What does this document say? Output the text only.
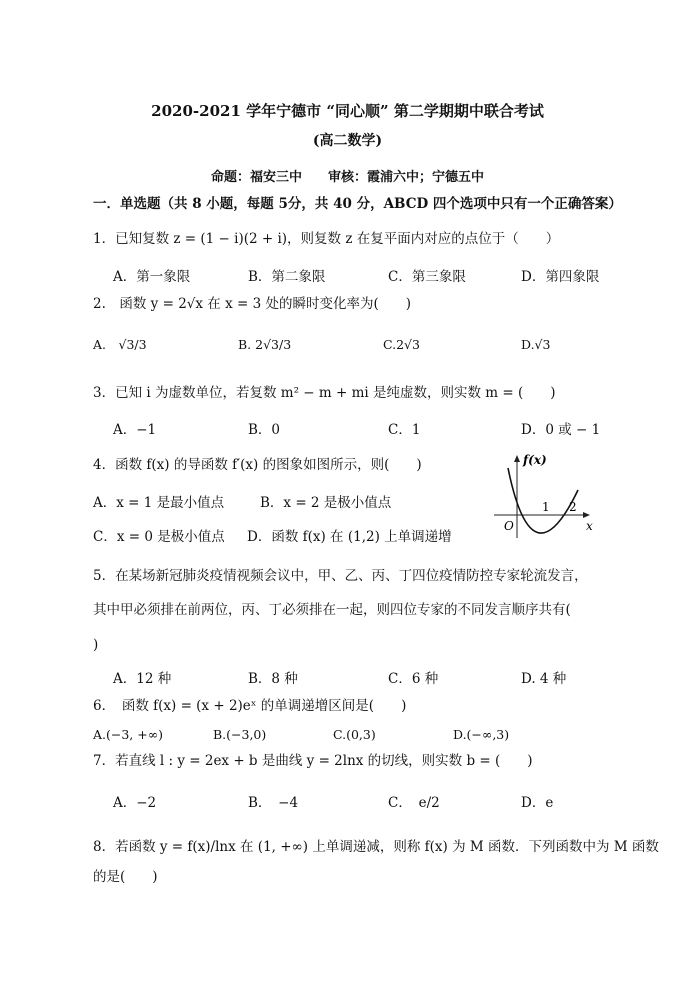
2020-2021 学年宁德市 “同心顺” 第二学期期中联合考试
(高二数学)
命题：福安三中　　审核：霞浦六中；宁德五中
一．单选题（共 8 小题，每题 5分，共 40 分，ABCD 四个选项中只有一个正确答案）
1．已知复数 z = (1 − i)(2 + i)，则复数 z 在复平面内对应的点位于（　　）
A．第一象限	B．第二象限	C．第三象限	D．第四象限
2.　函数 y = 2√x 在 x = 3 处的瞬时变化率为(　　)
A.　√3/3	B. 2√3/3	C.2√3	D.√3
3．已知 i 为虚数单位，若复数 m² − m + mi 是纯虚数，则实数 m = (　　)
A．−1	B．0	C．1	D．0 或 − 1
4．函数 f(x) 的导函数 f′(x) 的图象如图所示，则(　　)
A．x = 1 是最小值点	B．x = 2 是极小值点
C．x = 0 是极小值点 D．函数 f(x) 在 (1,2) 上单调递增
f(x)
x
O
1 2
5．在某场新冠肺炎疫情视频会议中，甲、乙、丙、丁四位疫情防控专家轮流发言，
其中甲必须排在前两位，丙、丁必须排在一起，则四位专家的不同发言顺序共有(
)
A．12 种	B．8 种	C．6 种	D. 4 种
6．　函数 f(x) = (x + 2)eˣ 的单调递增区间是(　　)
A.(−3, +∞)	B.(−3,0)	C.(0,3)	D.(−∞,3)
7．若直线 l : y = 2ex + b 是曲线 y = 2lnx 的切线，则实数 b = (　　)
A．−2	B．　−4	C．　e/2	D．e
8．若函数 y = f(x)/lnx 在 (1, +∞) 上单调递减，则称 f(x) 为 M 函数．下列函数中为 M 函数
的是(　　)
